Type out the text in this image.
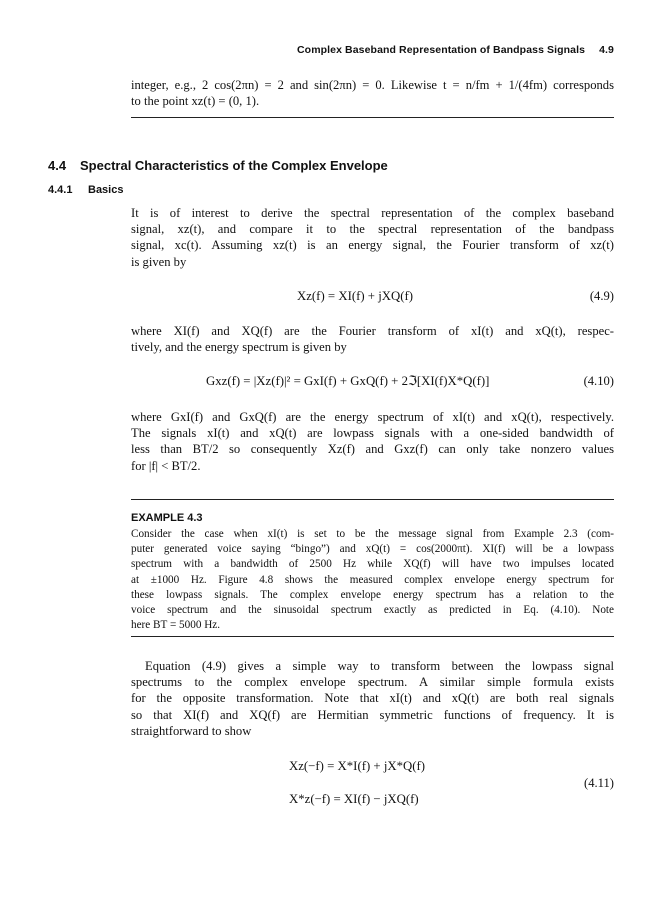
Complex Baseband Representation of Bandpass Signals 4.9
integer, e.g., 2 cos(2πn) = 2 and sin(2πn) = 0. Likewise t = n/fm + 1/(4fm) corresponds
to the point xz(t) = (0, 1).
4.4 Spectral Characteristics of the Complex Envelope
4.4.1 Basics
It is of interest to derive the spectral representation of the complex baseband
signal, xz(t), and compare it to the spectral representation of the bandpass
signal, xc(t). Assuming xz(t) is an energy signal, the Fourier transform of xz(t)
is given by
Xz(f) = XI(f) + jXQ(f)	(4.9)
where XI(f) and XQ(f) are the Fourier transform of xI(t) and xQ(t), respec-
tively, and the energy spectrum is given by
Gxz(f) = |Xz(f)|² = GxI(f) + GxQ(f) + 2ℑ[XI(f)X*Q(f)]	(4.10)
where GxI(f) and GxQ(f) are the energy spectrum of xI(t) and xQ(t), respectively.
The signals xI(t) and xQ(t) are lowpass signals with a one-sided bandwidth of
less than BT/2 so consequently Xz(f) and Gxz(f) can only take nonzero values
for |f| < BT/2.
EXAMPLE 4.3
Consider the case when xI(t) is set to be the message signal from Example 2.3 (com-
puter generated voice saying “bingo”) and xQ(t) = cos(2000πt). XI(f) will be a lowpass
spectrum with a bandwidth of 2500 Hz while XQ(f) will have two impulses located
at ±1000 Hz. Figure 4.8 shows the measured complex envelope energy spectrum for
these lowpass signals. The complex envelope energy spectrum has a relation to the
voice spectrum and the sinusoidal spectrum exactly as predicted in Eq. (4.10). Note
here BT = 5000 Hz.
Equation (4.9) gives a simple way to transform between the lowpass signal
spectrums to the complex envelope spectrum. A similar simple formula exists
for the opposite transformation. Note that xI(t) and xQ(t) are both real signals
so that XI(f) and XQ(f) are Hermitian symmetric functions of frequency. It is
straightforward to show
Xz(−f) = X*I(f) + jX*Q(f)
X*z(−f) = XI(f) − jXQ(f)
(4.11)
